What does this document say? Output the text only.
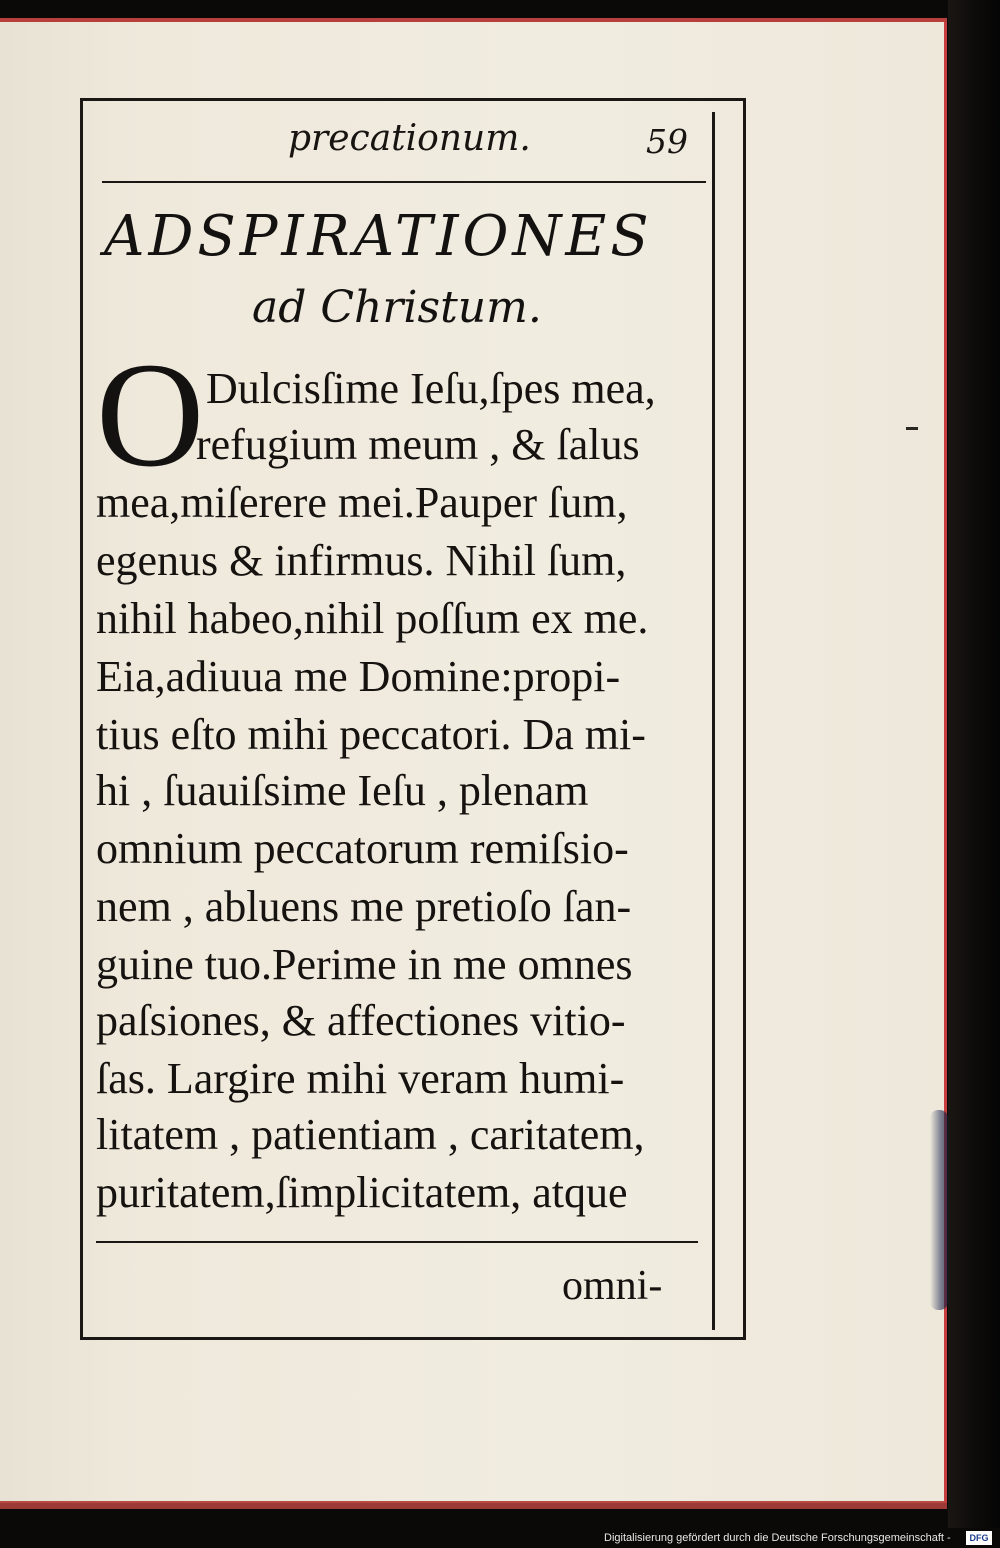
precationum.	59
ADSPIRATIONES
ad Christum.
O Dulcisſime Ieſu,ſpes mea,
refugium meum , & ſalus
mea,miſerere mei.Pauper ſum,
egenus & infirmus. Nihil ſum,
nihil habeo,nihil poſſum ex me.
Eia,adiuua me Domine:propi-
tius eſto mihi peccatori. Da mi-
hi , ſuauiſsime Ieſu , plenam
omnium peccatorum remiſsio-
nem , abluens me pretioſo ſan-
guine tuo.Perime in me omnes
paſsiones, & affectiones vitio-
ſas. Largire mihi veram humi-
litatem , patientiam , caritatem,
puritatem,ſimplicitatem, atque
omni-
Digitalisierung gefördert durch die Deutsche Forschungsgemeinschaft -	DFG
